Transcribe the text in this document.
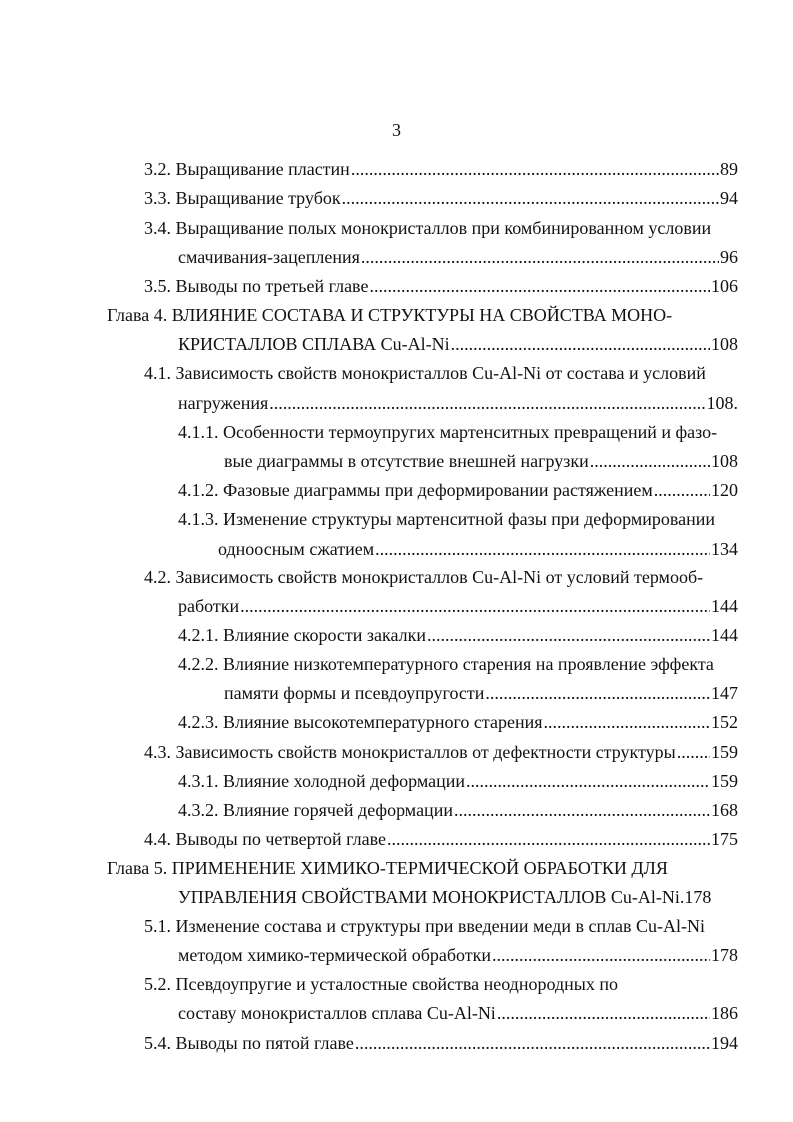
3
3.2. Выращивание пластин .....	89
3.3. Выращивание трубок .....	94
3.4. Выращивание полых монокристаллов при комбинированном условии
смачивания-зацепления .....	96
3.5. Выводы по третьей главе .....	106
Глава 4. ВЛИЯНИЕ СОСТАВА И СТРУКТУРЫ НА СВОЙСТВА МОНО-
КРИСТАЛЛОВ СПЛАВА Cu-Al-Ni .....	108
4.1. Зависимость свойств монокристаллов Cu-Al-Ni от состава и условий
нагружения .....	108.
4.1.1. Особенности термоупругих мартенситных превращений и фазо-
вые диаграммы в отсутствие внешней нагрузки .....	108
4.1.2. Фазовые диаграммы при деформировании растяжением .....	120
4.1.3. Изменение структуры мартенситной фазы при деформировании
одноосным сжатием .....	134
4.2. Зависимость свойств монокристаллов Cu-Al-Ni от условий термооб-
работки .....	144
4.2.1. Влияние скорости закалки .....	144
4.2.2. Влияние низкотемпературного старения на проявление эффекта
памяти формы и псевдоупругости .....	147
4.2.3. Влияние высокотемпературного старения .....	152
4.3. Зависимость свойств монокристаллов от дефектности структуры ..... 159
4.3.1. Влияние холодной деформации .....	159
4.3.2. Влияние горячей деформации .....	168
4.4. Выводы по четвертой главе .....	175
Глава 5. ПРИМЕНЕНИЕ ХИМИКО-ТЕРМИЧЕСКОЙ ОБРАБОТКИ ДЛЯ
УПРАВЛЕНИЯ СВОЙСТВАМИ МОНОКРИСТАЛЛОВ Cu-Al-Ni.178
5.1. Изменение состава и структуры при введении меди в сплав Cu-Al-Ni
методом химико-термической обработки .....	178
5.2. Псевдоупругие и усталостные свойства неоднородных по
составу монокристаллов сплава Cu-Al-Ni .....	186
5.4. Выводы по пятой главе .....	194
